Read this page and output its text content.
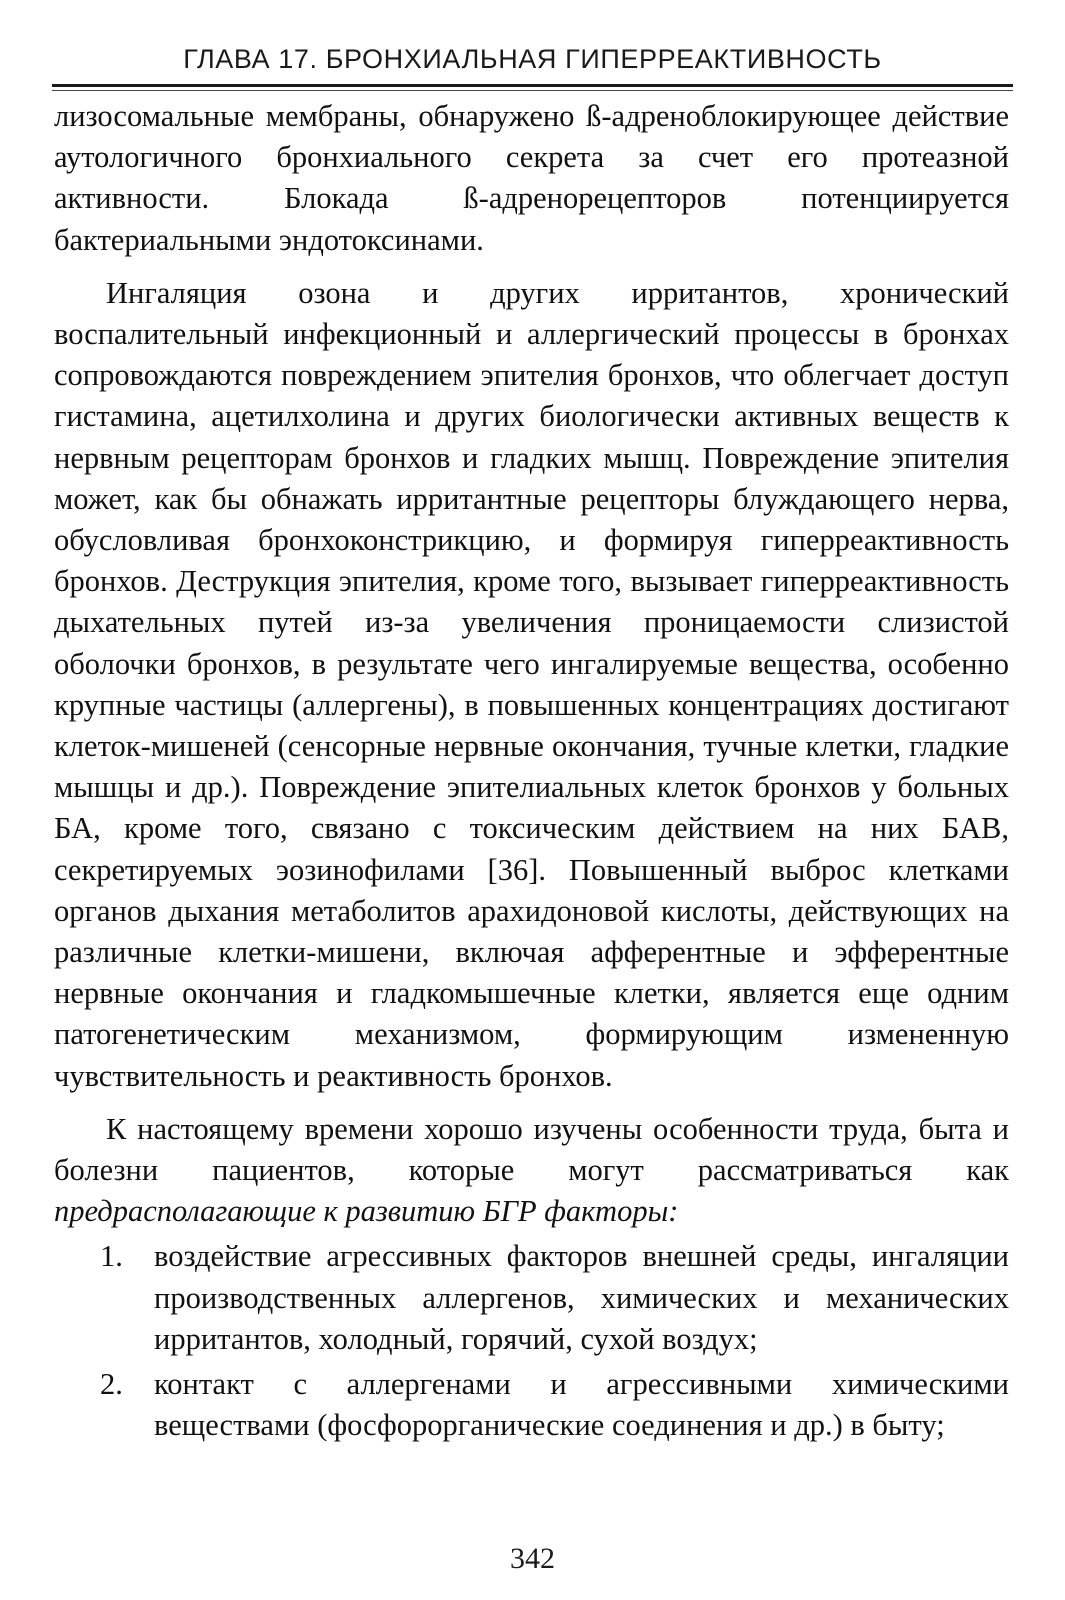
ГЛАВА 17. БРОНХИАЛЬНАЯ ГИПЕРРЕАКТИВНОСТЬ

лизосомальные мембраны, обнаружено ß-адреноблокирующее действие аутологичного бронхиального секрета за счет его протеазной активности. Блокада ß-адренорецепторов потенциируется бактериальными эндотоксинами.

Ингаляция озона и других ирритантов, хронический воспалительный инфекционный и аллергический процессы в бронхах сопровождаются повреждением эпителия бронхов, что облегчает доступ гистамина, ацетилхолина и других биологически активных веществ к нервным рецепторам бронхов и гладких мышц. Повреждение эпителия может, как бы обнажать ирритантные рецепторы блуждающего нерва, обусловливая бронхоконстрикцию, и формируя гиперреактивность бронхов. Деструкция эпителия, кроме того, вызывает гиперреактивность дыхательных путей из-за увеличения проницаемости слизистой оболочки бронхов, в результате чего ингалируемые вещества, особенно крупные частицы (аллергены), в повышенных концентрациях достигают клеток-мишеней (сенсорные нервные окончания, тучные клетки, гладкие мышцы и др.). Повреждение эпителиальных клеток бронхов у больных БА, кроме того, связано с токсическим действием на них БАВ, секретируемых эозинофилами [36]. Повышенный выброс клетками органов дыхания метаболитов арахидоновой кислоты, действующих на различные клетки-мишени, включая афферентные и эфферентные нервные окончания и гладкомышечные клетки, является еще одним патогенетическим механизмом, формирующим измененную чувствительность и реактивность бронхов.

К настоящему времени хорошо изучены особенности труда, быта и болезни пациентов, которые могут рассматриваться как предрасполагающие к развитию БГР факторы:

1. воздействие агрессивных факторов внешней среды, ингаляции производственных аллергенов, химических и механических ирритантов, холодный, горячий, сухой воздух;
2. контакт с аллергенами и агрессивными химическими веществами (фосфорорганические соединения и др.) в быту;
342
